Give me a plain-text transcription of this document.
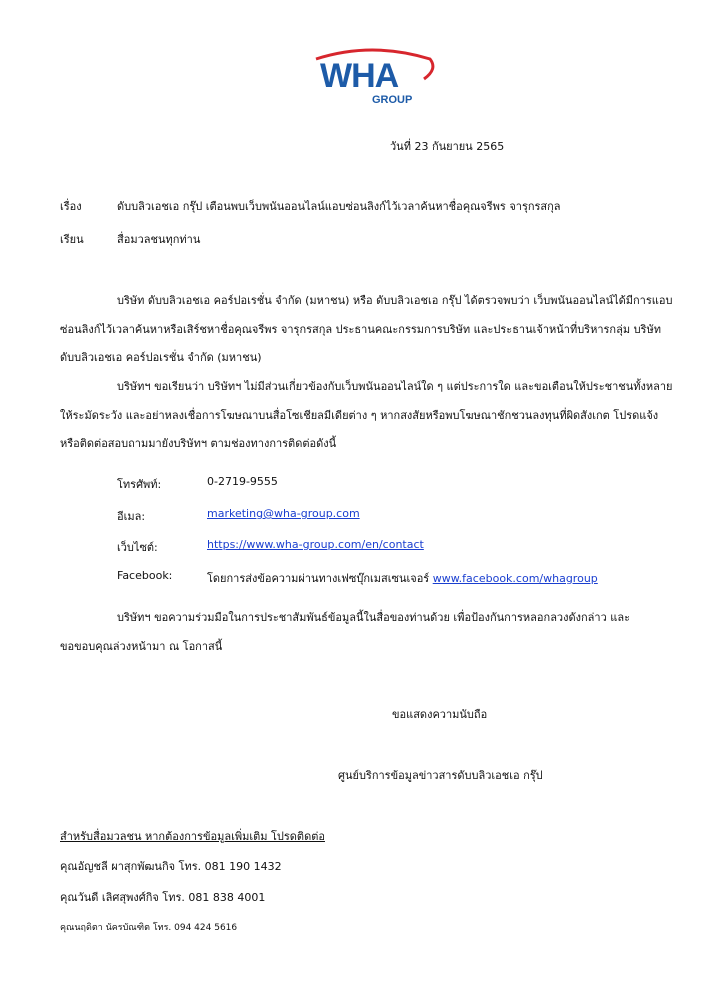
WHA
GROUP
วันที่ 23 กันยายน 2565
เรื่อง	ดับบลิวเอชเอ กรุ๊ป เตือนพบเว็บพนันออนไลน์แอบซ่อนลิงก์ไว้เวลาค้นหาชื่อคุณจรีพร จารุกรสกุล
เรียน	สื่อมวลชนทุกท่าน
บริษัท ดับบลิวเอชเอ คอร์ปอเรชั่น จำกัด (มหาชน) หรือ ดับบลิวเอชเอ กรุ๊ป ได้ตรวจพบว่า เว็บพนันออนไลน์ได้มีการแอบ
ซ่อนลิงก์ไว้เวลาค้นหาหรือเสิร์ชหาชื่อคุณจรีพร จารุกรสกุล ประธานคณะกรรมการบริษัท และประธานเจ้าหน้าที่บริหารกลุ่ม บริษัท
ดับบลิวเอชเอ คอร์ปอเรชั่น จำกัด (มหาชน)
บริษัทฯ ขอเรียนว่า บริษัทฯ ไม่มีส่วนเกี่ยวข้องกับเว็บพนันออนไลน์ใด ๆ แต่ประการใด และขอเตือนให้ประชาชนทั้งหลาย
ให้ระมัดระวัง และอย่าหลงเชื่อการโฆษณาบนสื่อโซเชียลมีเดียต่าง ๆ หากสงสัยหรือพบโฆษณาชักชวนลงทุนที่ผิดสังเกต โปรดแจ้ง
หรือติดต่อสอบถามมายังบริษัทฯ ตามช่องทางการติดต่อดังนี้
โทรศัพท์:	0-2719-9555
อีเมล:	marketing@wha-group.com
เว็บไซต์:	https://www.wha-group.com/en/contact
Facebook:	โดยการส่งข้อความผ่านทางเฟซบุ๊กเมสเซนเจอร์ www.facebook.com/whagroup
บริษัทฯ ขอความร่วมมือในการประชาสัมพันธ์ข้อมูลนี้ในสื่อของท่านด้วย เพื่อป้องกันการหลอกลวงดังกล่าว และ
ขอขอบคุณล่วงหน้ามา ณ โอกาสนี้
ขอแสดงความนับถือ
ศูนย์บริการข้อมูลข่าวสารดับบลิวเอชเอ กรุ๊ป
สำหรับสื่อมวลชน หากต้องการข้อมูลเพิ่มเติม โปรดติดต่อ
คุณอัญชลี ผาสุกพัฒนกิจ โทร. 081 190 1432
คุณวันดี เลิศสุพงศ์กิจ โทร. 081 838 4001
คุณนฤดิตา นัครบัณฑิต โทร. 094 424 5616
